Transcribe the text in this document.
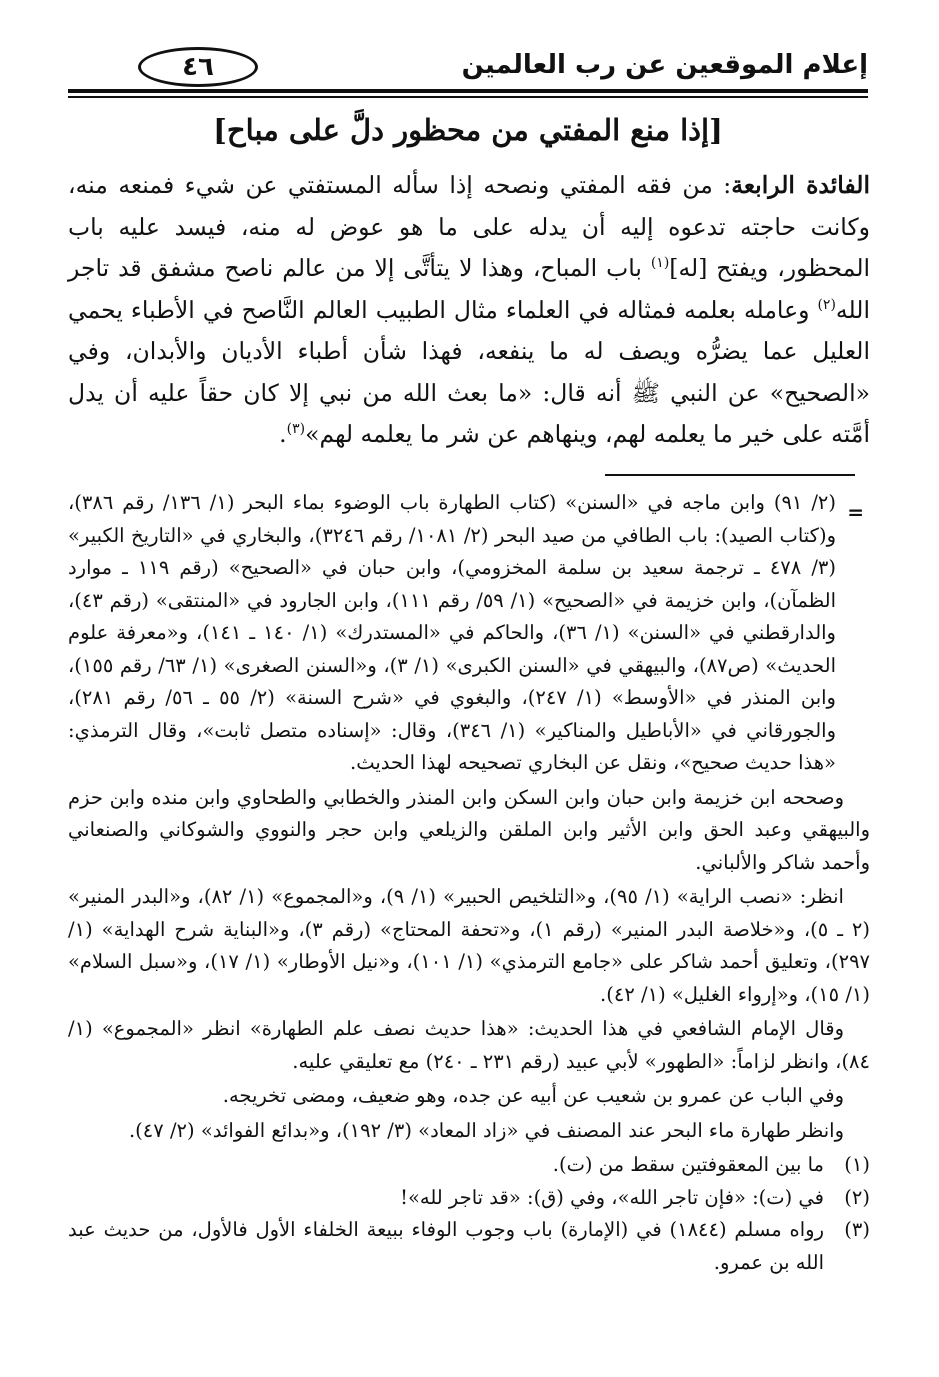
إعلام الموقعين عن رب العالمين
٤٦
[إذا منع المفتي من محظور دلَّ على مباح]

الفائدة الرابعة: من فقه المفتي ونصحه إذا سأله المستفتي عن شيء فمنعه منه، وكانت حاجته تدعوه إليه أن يدله على ما هو عوض له منه، فيسد عليه باب المحظور، ويفتح [له]$^{(١)}$ باب المباح، وهذا لا يتأتَّى إلا من عالم ناصح مشفق قد تاجر الله$^{(٢)}$ وعامله بعلمه فمثاله في العلماء مثال الطبيب العالم النَّاصح في الأطباء يحمي العليل عما يضرُّه ويصف له ما ينفعه، فهذا شأن أطباء الأديان والأبدان، وفي «الصحيح» عن النبي ﷺ أنه قال: «ما بعث الله من نبي إلا كان حقاً عليه أن يدل أمَّته على خير ما يعلمه لهم، وينهاهم عن شر ما يعلمه لهم»$^{(٣)}$.

=

(٢/ ٩١) وابن ماجه في «السنن» (كتاب الطهارة باب الوضوء بماء البحر (١/ ١٣٦/ رقم ٣٨٦)، و(كتاب الصيد): باب الطافي من صيد البحر (٢/ ١٠٨١/ رقم ٣٢٤٦)، والبخاري في «التاريخ الكبير» (٣/ ٤٧٨ ـ ترجمة سعيد بن سلمة المخزومي)، وابن حبان في «الصحيح» (رقم ١١٩ ـ موارد الظمآن)، وابن خزيمة في «الصحيح» (١/ ٥٩/ رقم ١١١)، وابن الجارود في «المنتقى» (رقم ٤٣)، والدارقطني في «السنن» (١/ ٣٦)، والحاكم في «المستدرك» (١/ ١٤٠ ـ ١٤١)، و«معرفة علوم الحديث» (ص٨٧)، والبيهقي في «السنن الكبرى» (١/ ٣)، و«السنن الصغرى» (١/ ٦٣/ رقم ١٥٥)، وابن المنذر في «الأوسط» (١/ ٢٤٧)، والبغوي في «شرح السنة» (٢/ ٥٥ ـ ٥٦/ رقم ٢٨١)، والجورقاني في «الأباطيل والمناكير» (١/ ٣٤٦)، وقال: «إسناده متصل ثابت»، وقال الترمذي: «هذا حديث صحيح»، ونقل عن البخاري تصحيحه لهذا الحديث.

وصححه ابن خزيمة وابن حبان وابن السكن وابن المنذر والخطابي والطحاوي وابن منده وابن حزم والبيهقي وعبد الحق وابن الأثير وابن الملقن والزيلعي وابن حجر والنووي والشوكاني والصنعاني وأحمد شاكر والألباني.

انظر: «نصب الراية» (١/ ٩٥)، و«التلخيص الحبير» (١/ ٩)، و«المجموع» (١/ ٨٢)، و«البدر المنير» (٢ ـ ٥)، و«خلاصة البدر المنير» (رقم ١)، و«تحفة المحتاج» (رقم ٣)، و«البناية شرح الهداية» (١/ ٢٩٧)، وتعليق أحمد شاكر على «جامع الترمذي» (١/ ١٠١)، و«نيل الأوطار» (١/ ١٧)، و«سبل السلام» (١/ ١٥)، و«إرواء الغليل» (١/ ٤٢).

وقال الإمام الشافعي في هذا الحديث: «هذا حديث نصف علم الطهارة» انظر «المجموع» (١/ ٨٤)، وانظر لزاماً: «الطهور» لأبي عبيد (رقم ٢٣١ ـ ٢٤٠) مع تعليقي عليه.

وفي الباب عن عمرو بن شعيب عن أبيه عن جده، وهو ضعيف، ومضى تخريجه.

وانظر طهارة ماء البحر عند المصنف في «زاد المعاد» (٣/ ١٩٢)، و«بدائع الفوائد» (٢/ ٤٧).

(١)
ما بين المعقوفتين سقط من (ت).
(٢)
في (ت): «فإن تاجر الله»، وفي (ق): «قد تاجر لله»!
(٣)
رواه مسلم (١٨٤٤) في (الإمارة) باب وجوب الوفاء ببيعة الخلفاء الأول فالأول، من حديث عبد الله بن عمرو.
